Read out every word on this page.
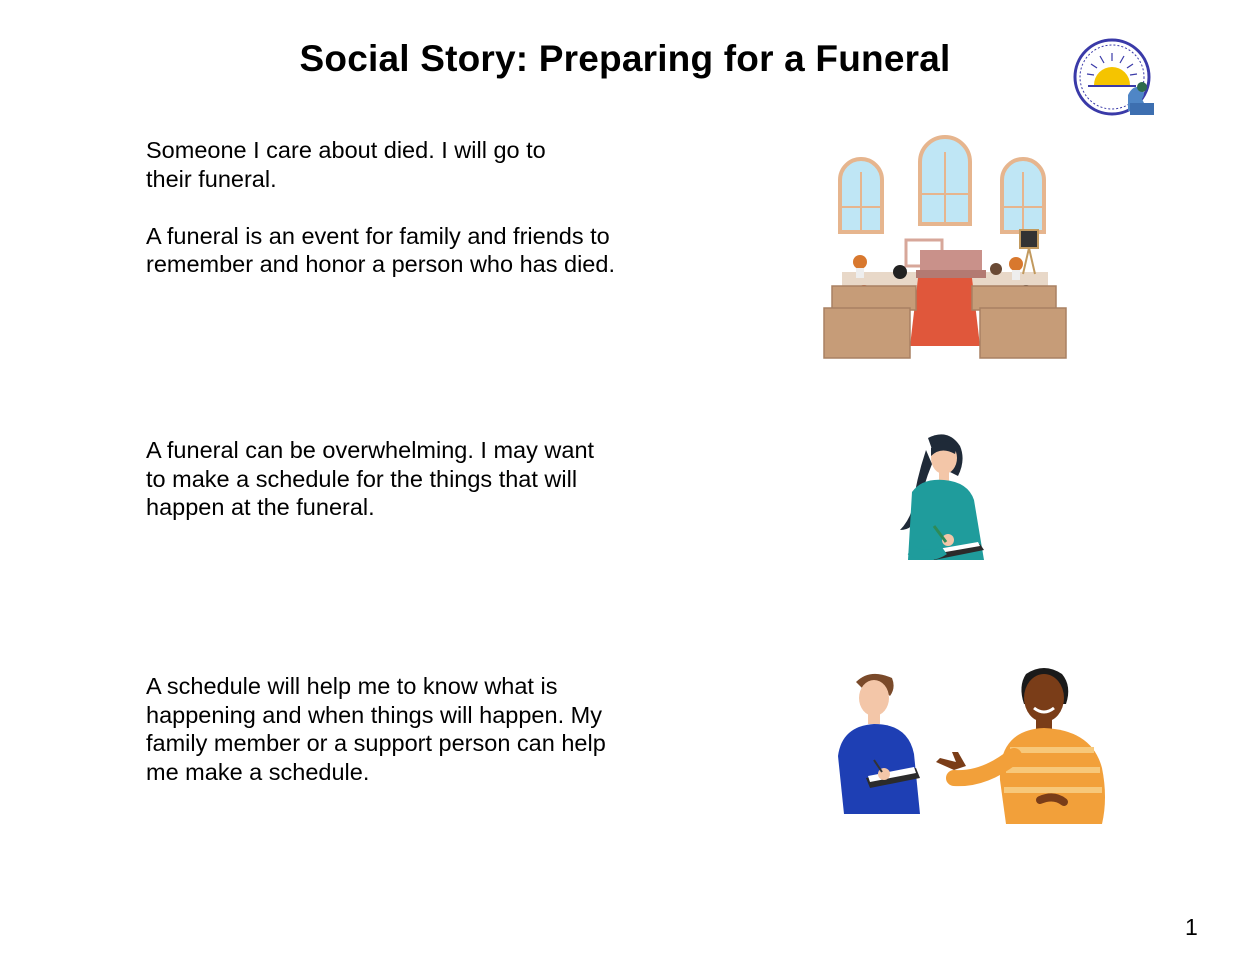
Social Story: Preparing for a Funeral

Someone I care about died. I will go to their funeral.

A funeral is an event for family and friends to remember and honor a person who has died.

A funeral can be overwhelming. I may want to make a schedule for the things that will happen at the funeral.

A schedule will help me to know what is happening and when things will happen. My family member or a support person can help me make a schedule.

1
